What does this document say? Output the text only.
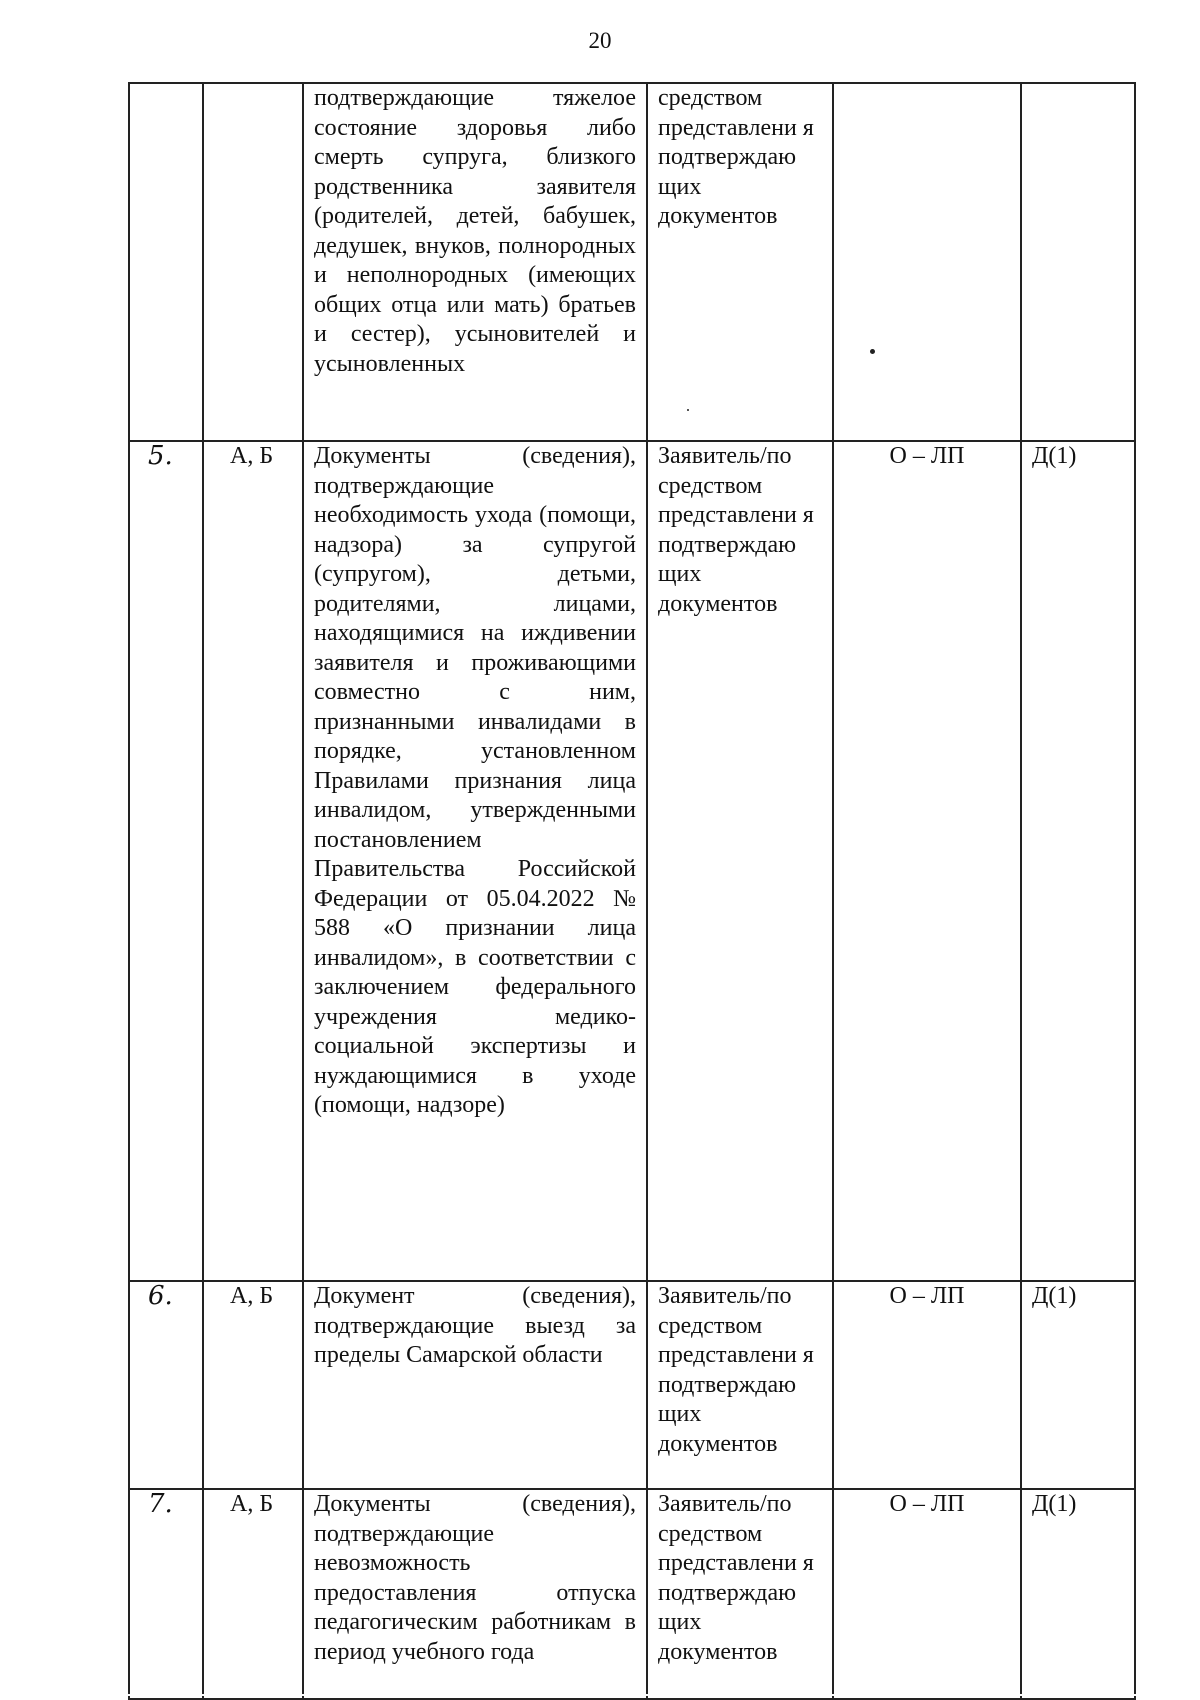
20

		подтверждающие тяжелое состояние здоровья либо смерть супруга, близкого родственника заявителя (родителей, детей, бабушек, дедушек, внуков, полнородных и неполнородных (имеющих общих отца или мать) братьев и сестер), усыновителей и усыновленных	средством представлени я подтверждаю щих документов		
5.	А, Б	Документы (сведения), подтверждающие необходимость ухода (помощи, надзора) за супругой (супругом), детьми, родителями, лицами, находящимися на иждивении заявителя и проживающими совместно с ним, признанными инвалидами в порядке, установленном Правилами признания лица инвалидом, утвержденными постановлением Правительства Российской Федерации от 05.04.2022 № 588 «О признании лица инвалидом», в соответствии с заключением федерального учреждения медико-социальной экспертизы и нуждающимися в уходе (помощи, надзоре)	Заявитель/по средством представлени я подтверждаю щих документов	О – ЛП	Д(1)
6.	А, Б	Документ (сведения), подтверждающие выезд за пределы Самарской области	Заявитель/по средством представлени я подтверждаю щих документов	О – ЛП	Д(1)
7.	А, Б	Документы (сведения), подтверждающие невозможность предоставления отпуска педагогическим работникам в период учебного года	Заявитель/по средством представлени я подтверждаю щих документов	О – ЛП	Д(1)
